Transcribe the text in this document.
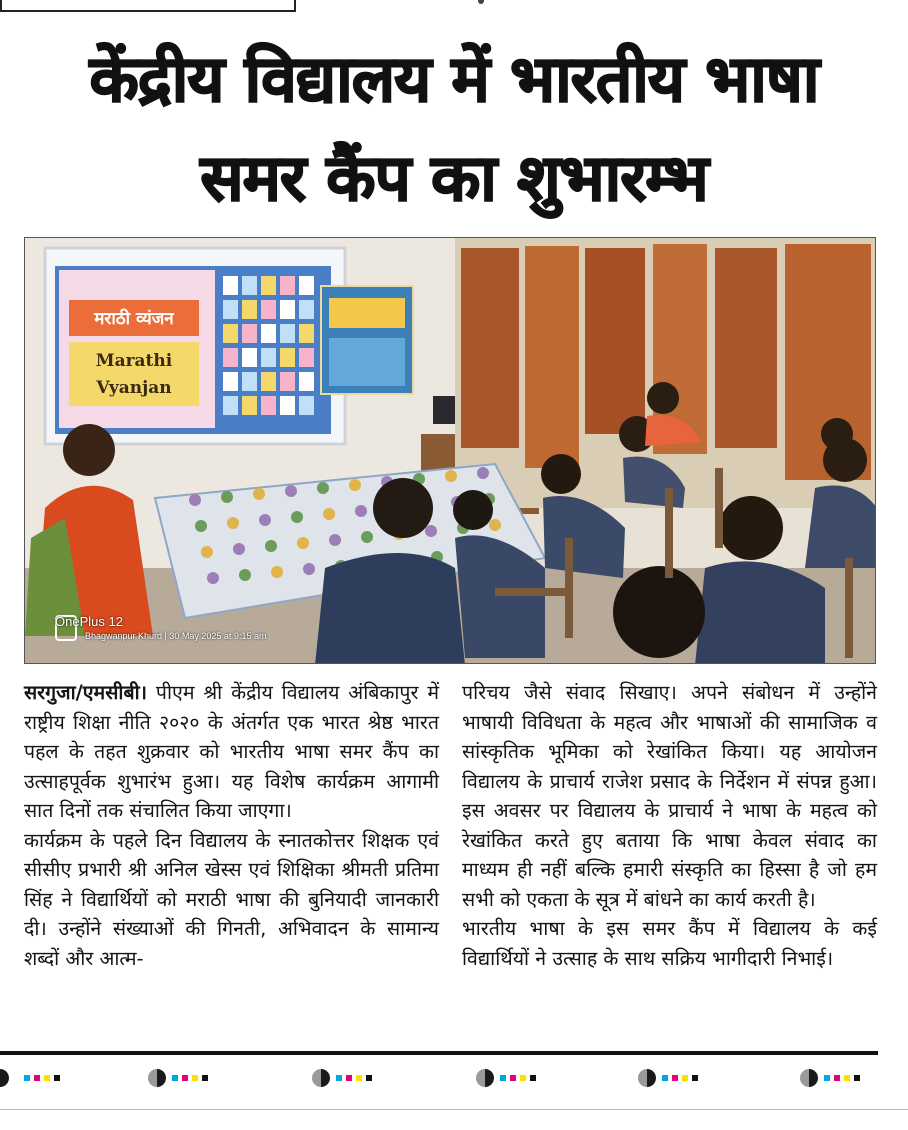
केंद्रीय विद्यालय में भारतीय भाषा
समर कैंप का शुभारम्भ
मराठी व्यंजन
Marathi
Vyanjan
OnePlus 12
Bhagwanpur Khurd | 30 May 2025 at 9:15 am

सरगुजा/एमसीबी। पीएम श्री केंद्रीय विद्यालय अंबिकापुर में राष्ट्रीय शिक्षा नीति २०२० के अंतर्गत एक भारत श्रेष्ठ भारत पहल के तहत शुक्रवार को भारतीय भाषा समर कैंप का उत्साहपूर्वक शुभारंभ हुआ। यह विशेष कार्यक्रम आगामी सात दिनों तक संचालित किया जाएगा।

कार्यक्रम के पहले दिन विद्यालय के स्नातकोत्तर शिक्षक एवं सीसीए प्रभारी श्री अनिल खेस्स एवं शिक्षिका श्रीमती प्रतिमा सिंह ने विद्यार्थियों को मराठी भाषा की बुनियादी जानकारी दी। उन्होंने संख्याओं की गिनती, अभिवादन के सामान्य शब्दों और आत्म-

परिचय जैसे संवाद सिखाए। अपने संबोधन में उन्होंने भाषायी विविधता के महत्व और भाषाओं की सामाजिक व सांस्कृतिक भूमिका को रेखांकित किया। यह आयोजन विद्यालय के प्राचार्य राजेश प्रसाद के निर्देशन में संपन्न हुआ। इस अवसर पर विद्यालय के प्राचार्य ने भाषा के महत्व को रेखांकित करते हुए बताया कि भाषा केवल संवाद का माध्यम ही नहीं बल्कि हमारी संस्कृति का हिस्सा है जो हम सभी को एकता के सूत्र में बांधने का कार्य करती है।

भारतीय भाषा के इस समर कैंप में विद्यालय के कई विद्यार्थियों ने उत्साह के साथ सक्रिय भागीदारी निभाई।
